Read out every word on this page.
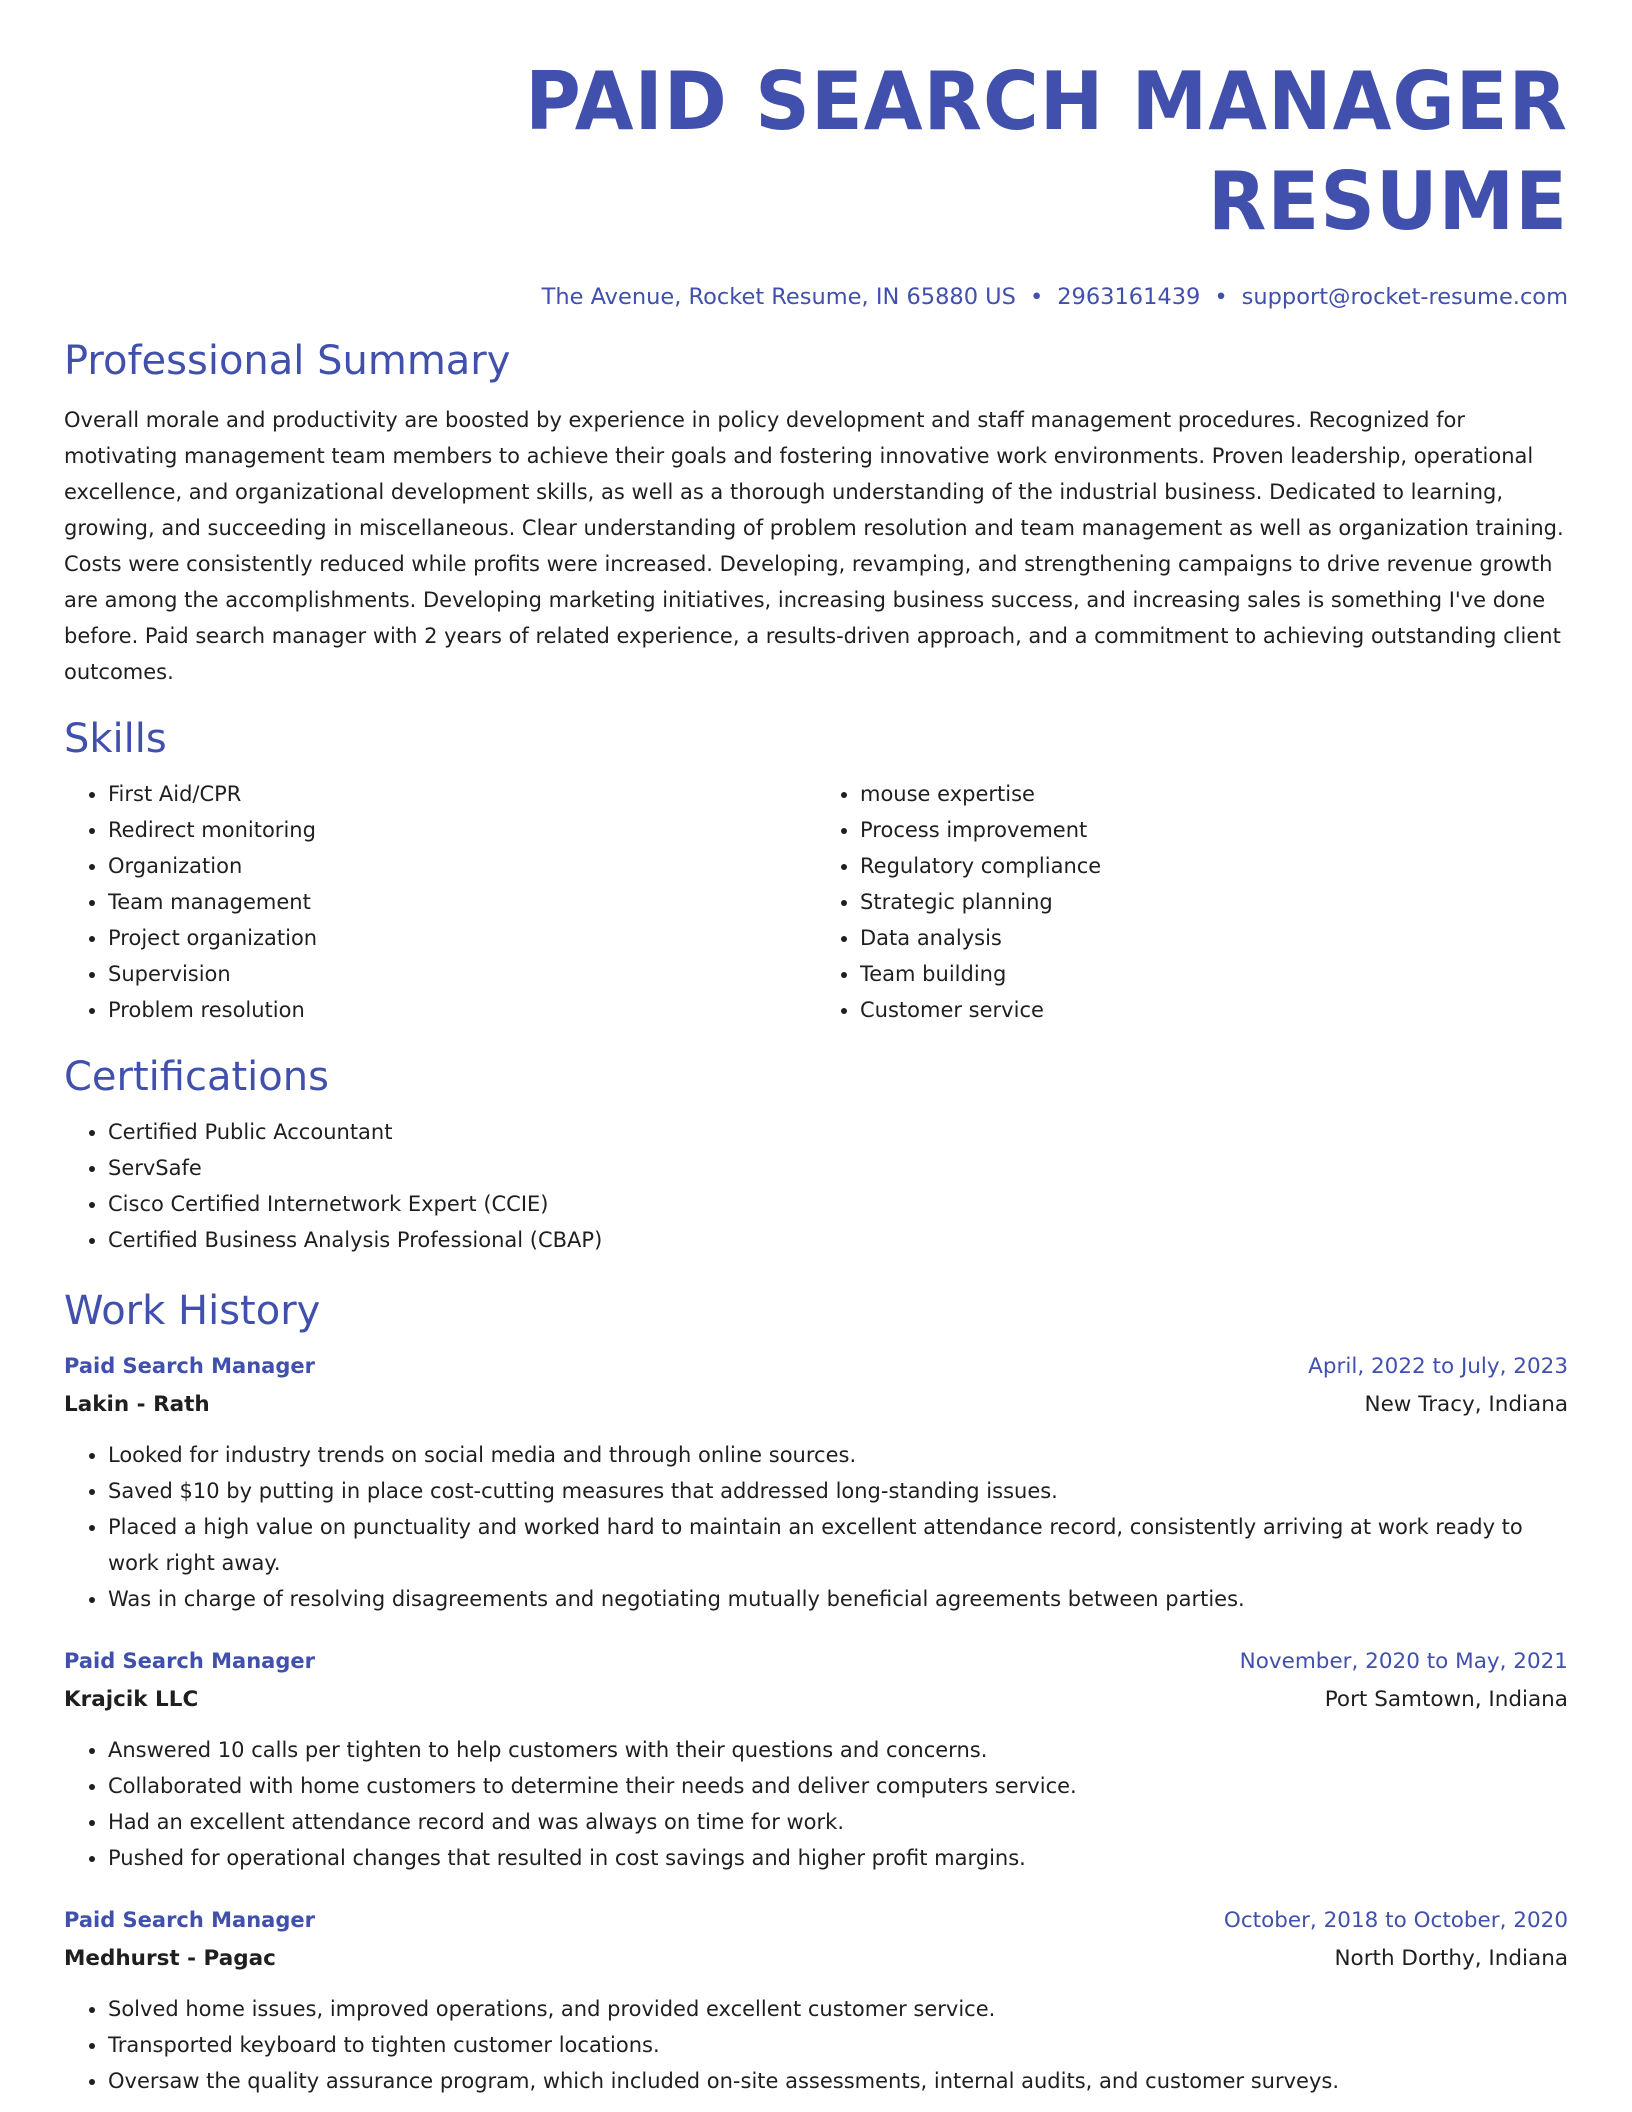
PAID SEARCH MANAGER RESUME
The Avenue, Rocket Resume, IN 65880 US • 2963161439 • support@rocket-resume.com
Professional Summary

Overall morale and productivity are boosted by experience in policy development and staff management procedures. Recognized for motivating management team members to achieve their goals and fostering innovative work environments. Proven leadership, operational excellence, and organizational development skills, as well as a thorough understanding of the industrial business. Dedicated to learning, growing, and succeeding in miscellaneous. Clear understanding of problem resolution and team management as well as organization training. Costs were consistently reduced while profits were increased. Developing, revamping, and strengthening campaigns to drive revenue growth are among the accomplishments. Developing marketing initiatives, increasing business success, and increasing sales is something I've done before. Paid search manager with 2 years of related experience, a results-driven approach, and a commitment to achieving outstanding client outcomes.

Skills
• First Aid/CPR
• Redirect monitoring
• Organization
• Team management
• Project organization
• Supervision
• Problem resolution
• mouse expertise
• Process improvement
• Regulatory compliance
• Strategic planning
• Data analysis
• Team building
• Customer service
Certifications
• Certified Public Accountant
• ServSafe
• Cisco Certified Internetwork Expert (CCIE)
• Certified Business Analysis Professional (CBAP)
Work History
Paid Search Manager	April, 2022 to July, 2023
Lakin - Rath	New Tracy, Indiana
• Looked for industry trends on social media and through online sources.
• Saved $10 by putting in place cost-cutting measures that addressed long-standing issues.
• Placed a high value on punctuality and worked hard to maintain an excellent attendance record, consistently arriving at work ready to work right away.
• Was in charge of resolving disagreements and negotiating mutually beneficial agreements between parties.
Paid Search Manager	November, 2020 to May, 2021
Krajcik LLC	Port Samtown, Indiana
• Answered 10 calls per tighten to help customers with their questions and concerns.
• Collaborated with home customers to determine their needs and deliver computers service.
• Had an excellent attendance record and was always on time for work.
• Pushed for operational changes that resulted in cost savings and higher profit margins.
Paid Search Manager	October, 2018 to October, 2020
Medhurst - Pagac	North Dorthy, Indiana
• Solved home issues, improved operations, and provided excellent customer service.
• Transported keyboard to tighten customer locations.
• Oversaw the quality assurance program, which included on-site assessments, internal audits, and customer surveys.
